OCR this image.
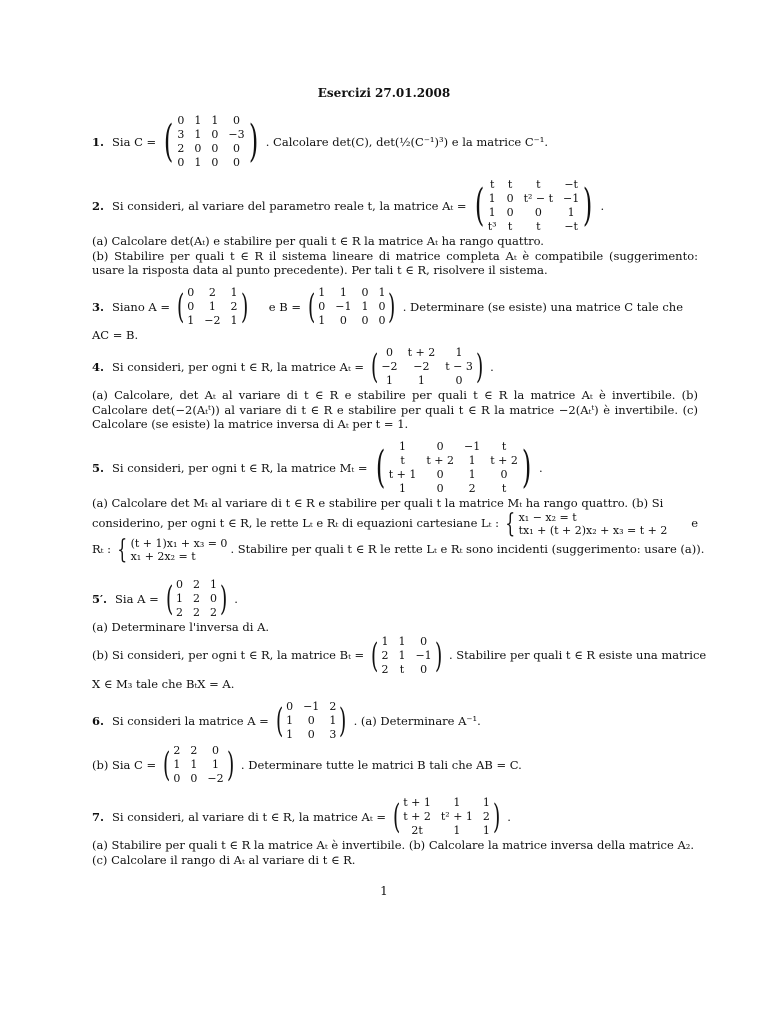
Esercizi 27.01.2008
1. Sia C = ( 0 1 1	0
3 1 0 −3
2 0 0	0
0 1 0	0 ) . Calcolare det(C), det(½(C⁻¹)³) e la matrice C⁻¹.
2. Si consideri, al variare del parametro reale t, la matrice Aₜ = ( t t	t	−t
1 0 t² − t −1
1 0	0	1
t³ t	t	−t ) .
(a) Calcolare det(Aₜ) e stabilire per quali t ∈ R la matrice Aₜ ha rango quattro.
(b) Stabilire per quali t ∈ R il sistema lineare di matrice completa Aₜ è compatibile (suggerimento: usare la risposta data al punto precedente). Per tali t ∈ R, risolvere il sistema.
3. Siano A = ( 0	2	1
0	1	2
1 −2 1 ) e B = ( 1	1	0 1
0 −1 1 0
1	0	0 0 ) . Determinare (se esiste) una matrice C tale che
AC = B.
4. Si consideri, per ogni t ∈ R, la matrice Aₜ = ( 0	t + 2	1
−2	−2	t − 3
1	1	0 ) .
(a) Calcolare, det Aₜ al variare di t ∈ R e stabilire per quali t ∈ R la matrice Aₜ è invertibile. (b) Calcolare det(−2(Aₜᵗ)) al variare di t ∈ R e stabilire per quali t ∈ R la matrice −2(Aₜᵗ) è invertibile. (c) Calcolare (se esiste) la matrice inversa di Aₜ per t = 1.
5. Si consideri, per ogni t ∈ R, la matrice Mₜ = (	1	0	−1	t
t	t + 2	1	t + 2
t + 1	0	1	0
1	0	2	t ) .
(a) Calcolare det Mₜ al variare di t ∈ R e stabilire per quali t la matrice Mₜ ha rango quattro. (b) Si
considerino, per ogni t ∈ R, le rette Lₜ e Rₜ di equazioni cartesiane Lₜ : { x₁ − x₂ = t
tx₁ + (t + 2)x₂ + x₃ = t + 2 e
Rₜ : { (t + 1)x₁ + x₃ = 0
x₁ + 2x₂ = t	. Stabilire per quali t ∈ R le rette Lₜ e Rₜ sono incidenti (suggerimento: usare (a)).
5′. Sia A = ( 0 2 1
1 2 0
2 2 2 ) .
(a) Determinare l'inversa di A.
(b) Si consideri, per ogni t ∈ R, la matrice Bₜ = ( 1 1	0
2 1 −1
2 t	0 ) . Stabilire per quali t ∈ R esiste una matrice
X ∈ M₃ tale che BₜX = A.
6. Si consideri la matrice A = ( 0 −1 2
1	0	1
1	0	3 ) . (a) Determinare A⁻¹.
(b) Sia C = ( 2 2	0
1 1	1
0 0 −2 ) . Determinare tutte le matrici B tali che AB = C.
7. Si consideri, al variare di t ∈ R, la matrice Aₜ = ( t + 1	1	1
t + 2 t² + 1 2
2t	1	1 ) .
(a) Stabilire per quali t ∈ R la matrice Aₜ è invertibile. (b) Calcolare la matrice inversa della matrice A₂.
(c) Calcolare il rango di Aₜ al variare di t ∈ R.
1
